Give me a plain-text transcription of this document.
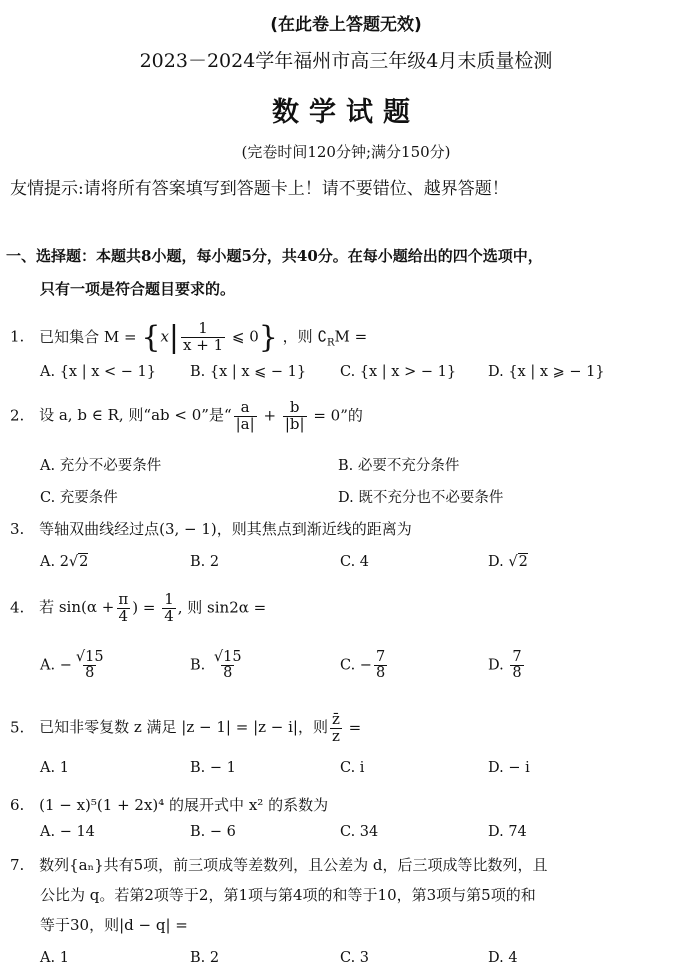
(在此卷上答题无效)
2023－2024学年福州市高三年级4月末质量检测
数学试题
(完卷时间120分钟;满分150分)
友情提示:请将所有答案填写到答题卡上！请不要错位、越界答题！
一、选择题：本题共8小题，每小题5分，共40分。在每小题给出的四个选项中，
只有一项是符合题目要求的。
1. 已知集合 $M = \{x| \frac{1}{x + 1}$ ⩽ 0} ，则 $∁_RM$ =
A. {x | x < − 1} B. {x | x ⩽ − 1} C. {x | x > − 1} D. {x | x ⩾ − 1}
2. 设 a, b ∈ R, 则“ab < 0”是“ $\frac{a}{|a|} + \frac{b}{|b|} = 0$”的
A. 充分不必要条件	B. 必要不充分条件
C. 充要条件	D. 既不充分也不必要条件
3. 等轴双曲线经过点(3, − 1)，则其焦点到渐近线的距离为
A. 2√2	B. 2	C. 4	D. √2
4. 若 $\sin(\alpha + \frac{\pi}{4}$ ) = $\frac{1}{4}$ , 则 sin2α =
A. − $\frac{√15}{8}$	B. $\frac{√15}{8}$	C. − $\frac{7}{8}$	D. $\frac{7}{8}$
5. 已知非零复数 z 满足 |z − 1| = |z − i|，则 $\frac{z̄}{z}$ =
A. 1	B. − 1	C. i	D. − i
6. (1 − x)⁵(1 + 2x)⁴ 的展开式中 x² 的系数为
A. − 14	B. − 6	C. 34	D. 74
7. 数列{aₙ}共有5项，前三项成等差数列，且公差为 d，后三项成等比数列，且
公比为 q。若第2项等于2，第1项与第4项的和等于10，第3项与第5项的和
等于30，则|d − q| =
A. 1	B. 2	C. 3	D. 4
